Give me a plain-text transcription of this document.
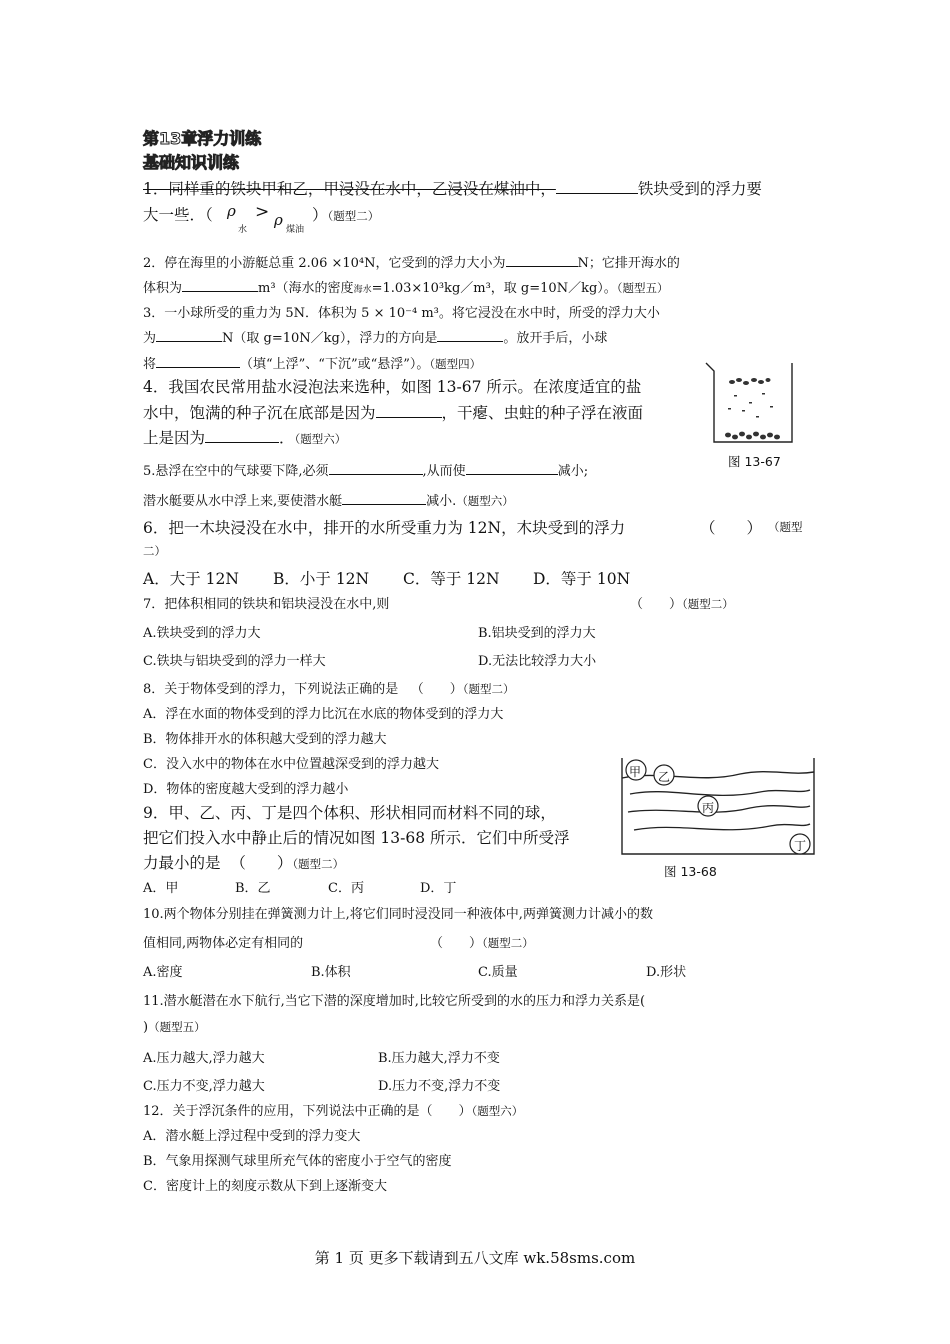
第13章浮力训练
基础知识训练
1．同样重的铁块甲和乙，甲浸没在水中，乙浸没在煤油中，	铁块受到的浮力要
大一些．（ ρ
水
> ρ
煤油
）（题型二）
2．停在海里的小游艇总重 2.06 ×10⁴N，它受到的浮力大小为	N；它排开海水的
体积为	m³（海水的密度海水=1.03×10³kg／m³，取 g=10N／kg）。（题型五）
3．一小球所受的重力为 5N．体积为 5 × 10⁻⁴ m³。将它浸没在水中时，所受的浮力大小
为	N（取 g=10N／kg），浮力的方向是	。放开手后，小球
将	（填“上浮”、“下沉”或“悬浮”）。（题型四）
4．我国农民常用盐水浸泡法来选种，如图 13-67 所示。在浓度适宜的盐
水中，饱满的种子沉在底部是因为	，干瘪、虫蛀的种子浮在液面
上是因为	．（题型六）
图 13-67
5.悬浮在空中的气球要下降,必须	,从而使	减小;
潜水艇要从水中浮上来,要使潜水艇	减小.（题型六）
6．把一木块浸没在水中，排开的水所受重力为 12N，木块受到的浮力	（　　） （题型
二）
A．大于 12N B．小于 12N C．等于 12N D．等于 10N
7．把体积相同的铁块和铝块浸没在水中,则	（　　）（题型二）
A.铁块受到的浮力大	B.铝块受到的浮力大
C.铁块与铝块受到的浮力一样大	D.无法比较浮力大小
8．关于物体受到的浮力，下列说法正确的是 （　　）（题型二）
A．浮在水面的物体受到的浮力比沉在水底的物体受到的浮力大
B．物体排开水的体积越大受到的浮力越大
C．没入水中的物体在水中位置越深受到的浮力越大
D．物体的密度越大受到的浮力越小
甲 乙
丙
丁
图 13-68
9．甲、乙、丙、丁是四个体积、形状相同而材料不同的球，
把它们投入水中静止后的情况如图 13-68 所示．它们中所受浮
力最小的是 （　　）（题型二）
A．甲	B．乙	C．丙	D．丁
10.两个物体分别挂在弹簧测力计上,将它们同时浸没同一种液体中,两弹簧测力计减小的数
值相同,两物体必定有相同的	（　　）（题型二）
A.密度	B.体积	C.质量	D.形状
11.潜水艇潜在水下航行,当它下潜的深度增加时,比较它所受到的水的压力和浮力关系是(
)（题型五）
A.压力越大,浮力越大	B.压力越大,浮力不变
C.压力不变,浮力越大	D.压力不变,浮力不变
12．关于浮沉条件的应用，下列说法中正确的是（　　）（题型六）
A．潜水艇上浮过程中受到的浮力变大
B．气象用探测气球里所充气体的密度小于空气的密度
C．密度计上的刻度示数从下到上逐渐变大
第 1 页 更多下载请到五八文库 wk.58sms.com
